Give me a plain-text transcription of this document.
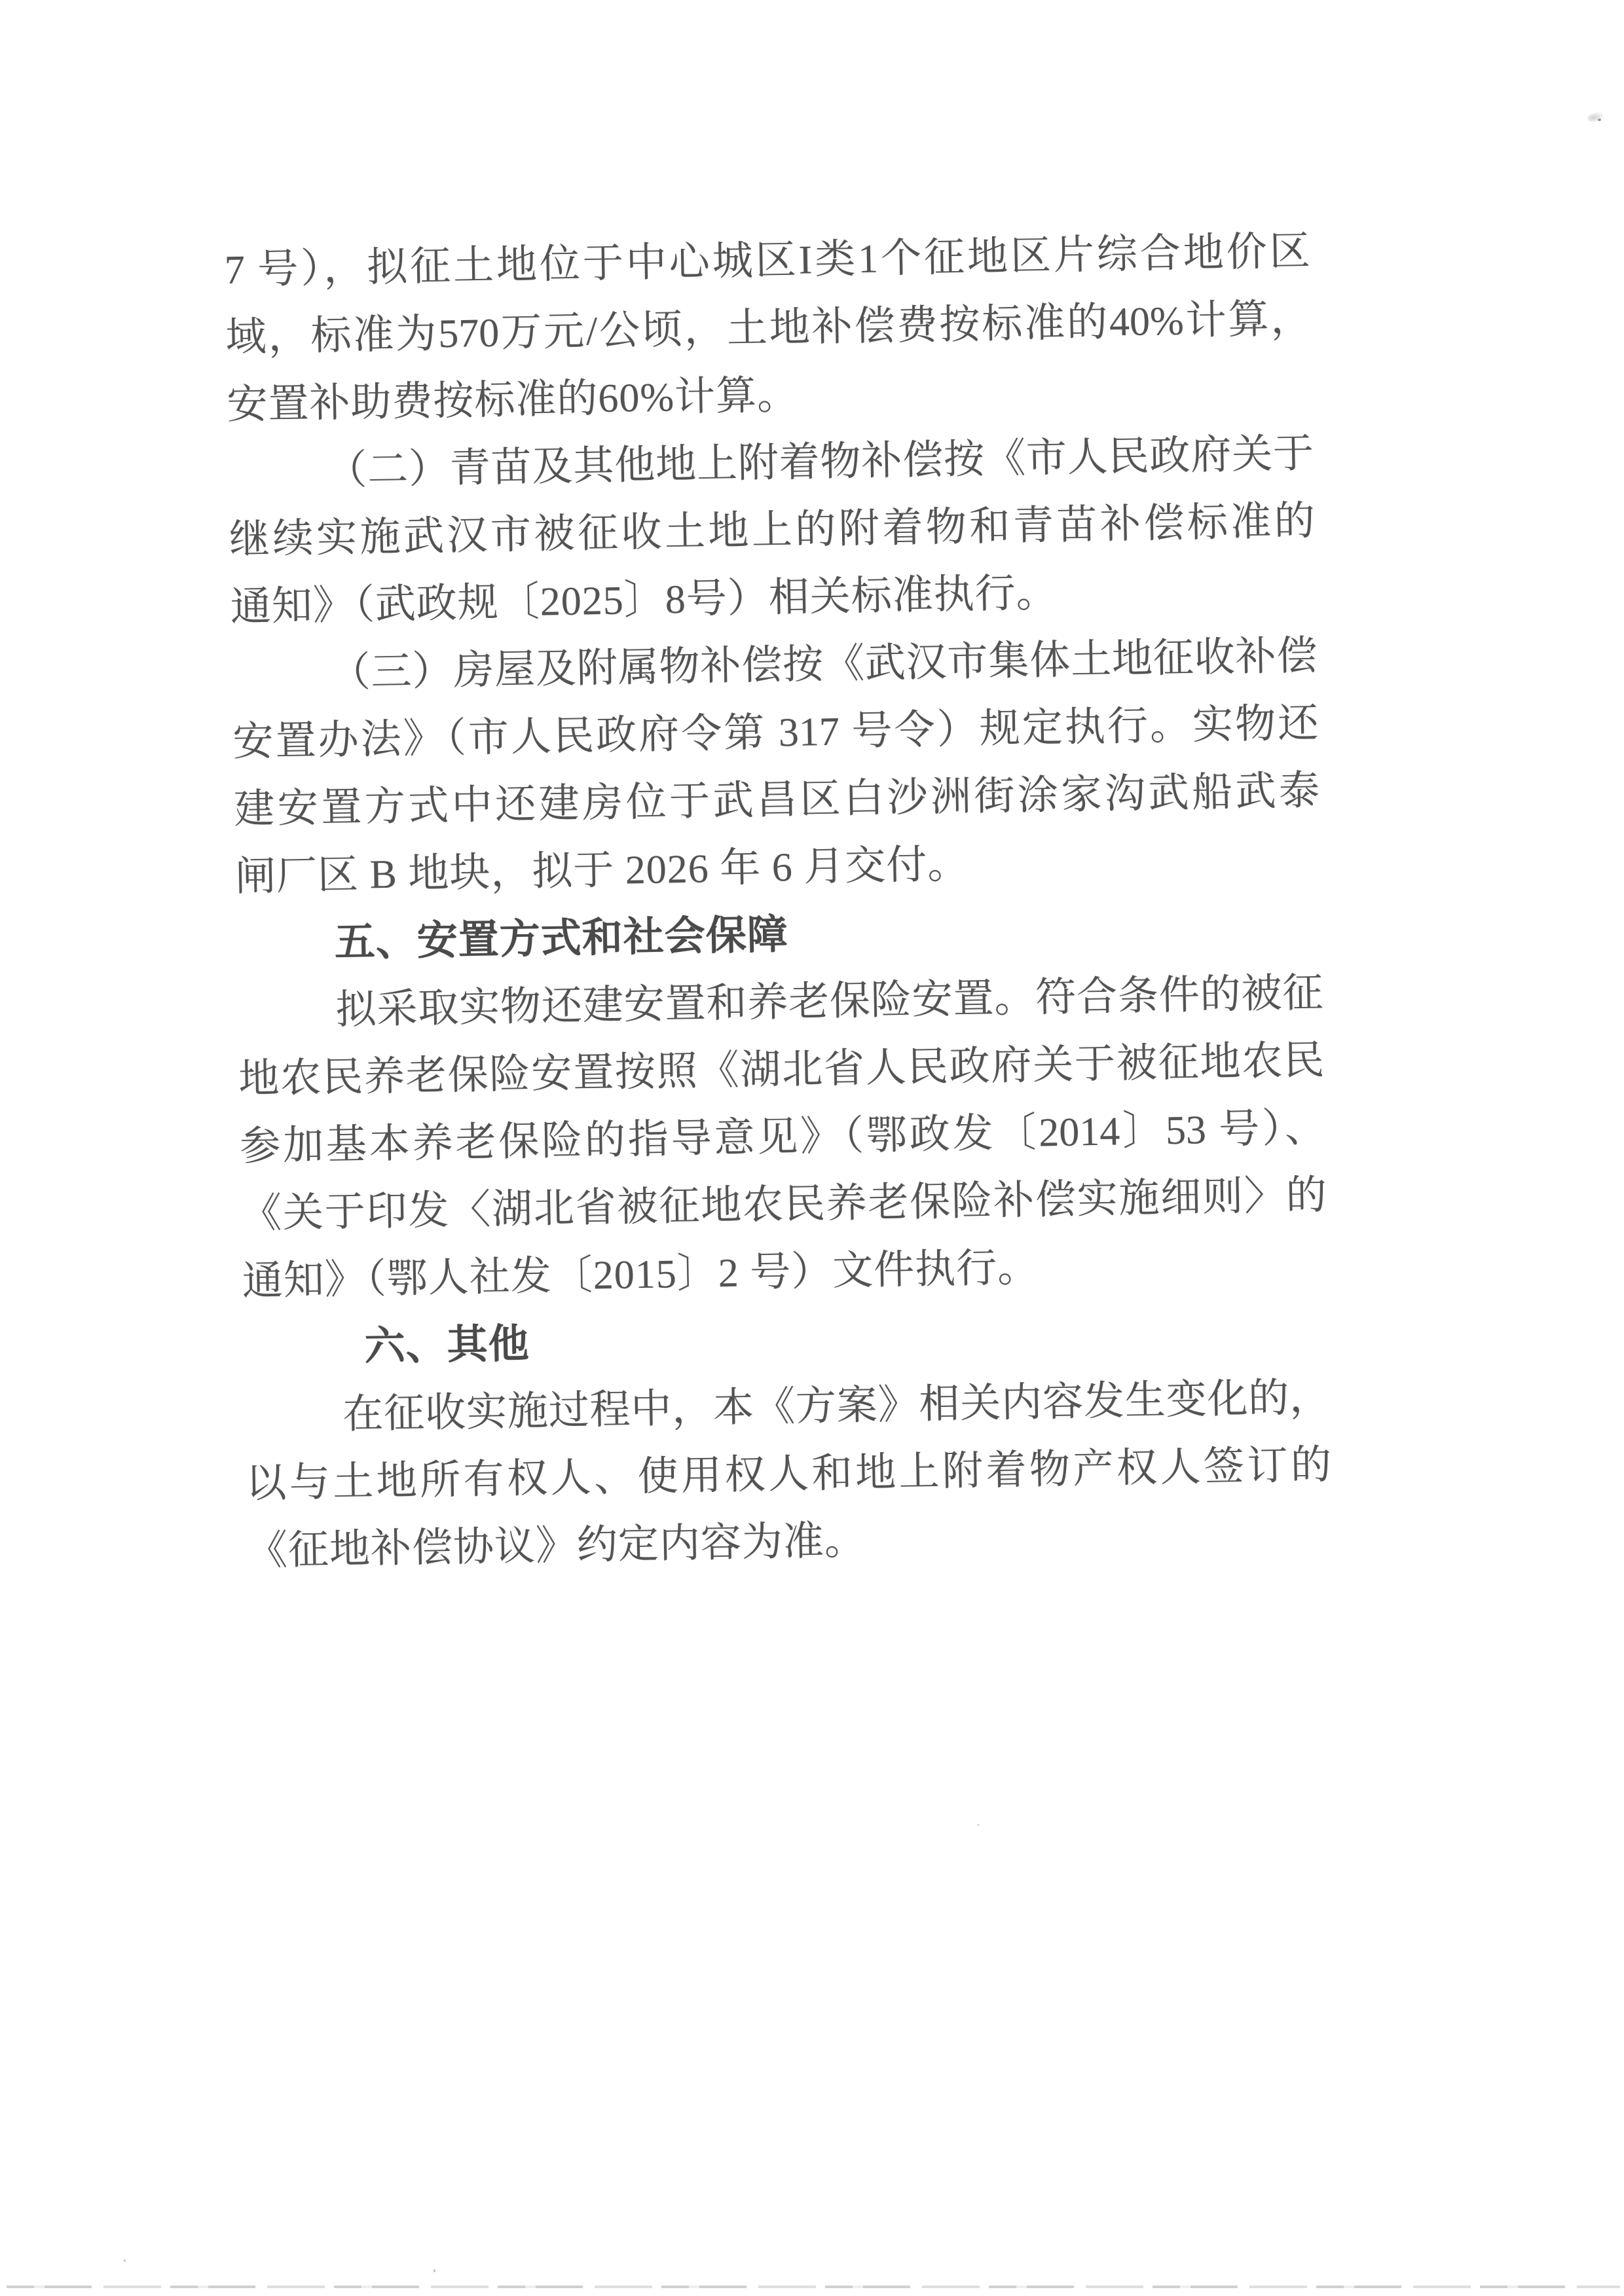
7 号），拟征土地位于中心城区I类1个征地区片综合地价区
域，标准为570万元/公顷，土地补偿费按标准的40%计算，
安置补助费按标准的60%计算。
（二）青苗及其他地上附着物补偿按《市人民政府关于
继续实施武汉市被征收土地上的附着物和青苗补偿标准的
通知》（武政规〔2025〕8号）相关标准执行。
（三）房屋及附属物补偿按《武汉市集体土地征收补偿
安置办法》（市人民政府令第 317 号令）规定执行。实物还
建安置方式中还建房位于武昌区白沙洲街涂家沟武船武泰
闸厂区 B 地块，拟于 2026 年 6 月交付。
五、安置方式和社会保障
拟采取实物还建安置和养老保险安置。符合条件的被征
地农民养老保险安置按照《湖北省人民政府关于被征地农民
参加基本养老保险的指导意见》（鄂政发〔2014〕53 号）、
《关于印发〈湖北省被征地农民养老保险补偿实施细则〉的
通知》（鄂人社发〔2015〕2 号）文件执行。
六、其他
在征收实施过程中，本《方案》相关内容发生变化的，
以与土地所有权人、使用权人和地上附着物产权人签订的
《征地补偿协议》约定内容为准。
